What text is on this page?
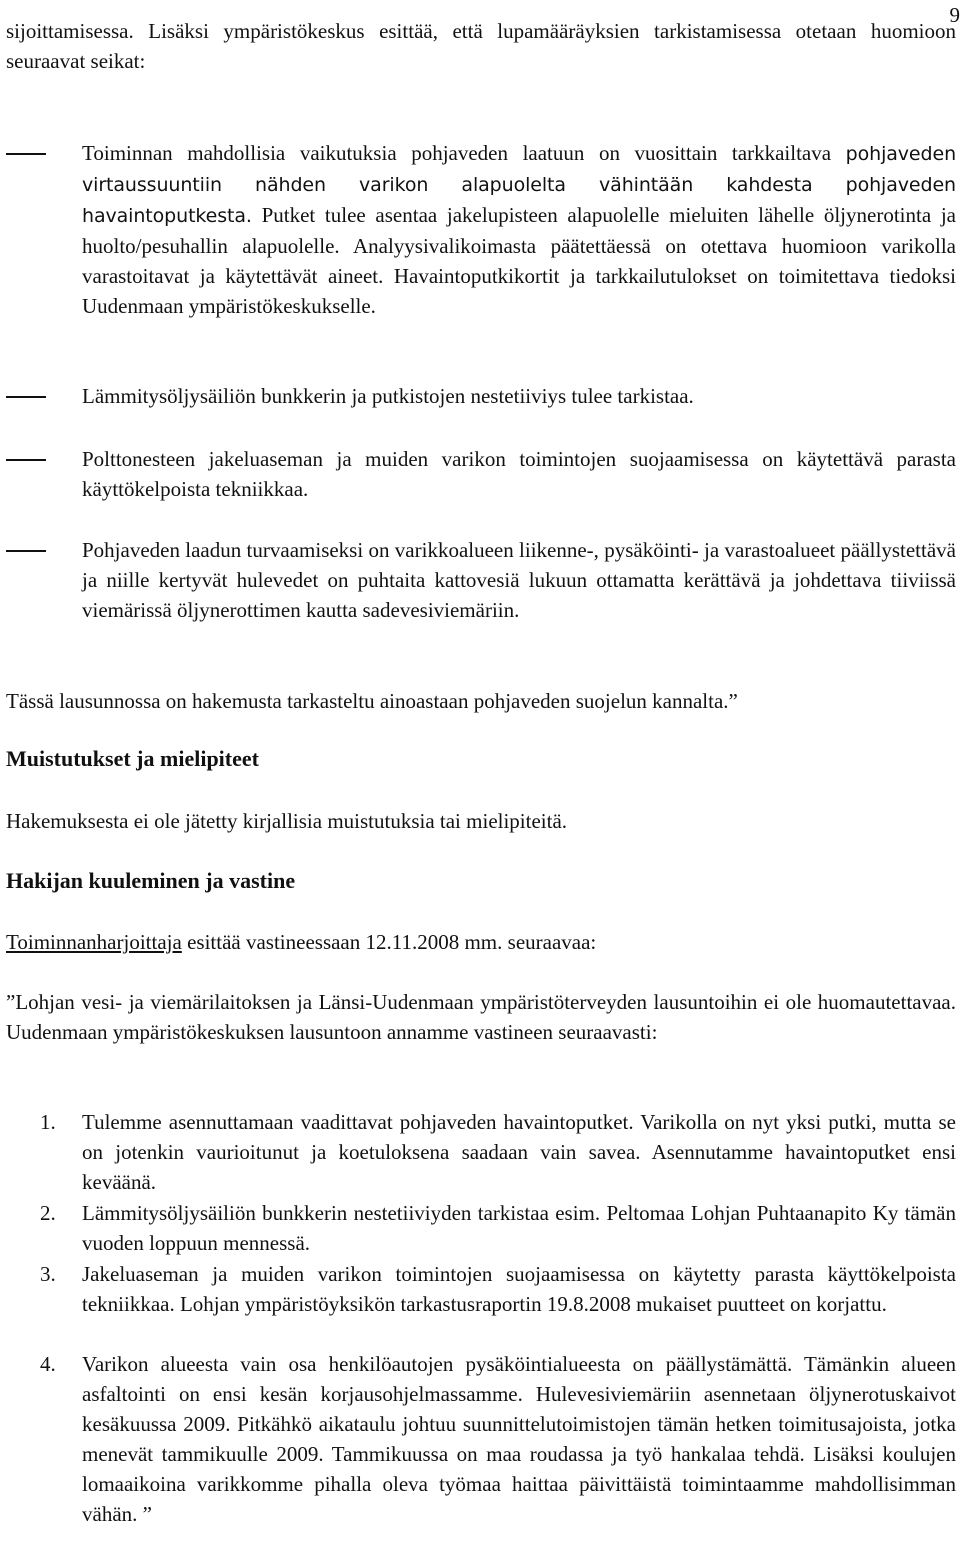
9

sijoittamisessa. Lisäksi ympäristökeskus esittää, että lupamääräyksien tarkistamisessa otetaan huomioon seuraavat seikat:

Toiminnan mahdollisia vaikutuksia pohjaveden laatuun on vuosittain tarkkailtava pohjaveden virtaussuuntiin nähden varikon alapuolelta vähintään kahdesta pohjaveden havaintoputkesta. Putket tulee asentaa jakelupisteen alapuolelle mieluiten lähelle öljynerotinta ja huolto/pesuhallin alapuolelle. Analyysivalikoimasta päätettäessä on otettava huomioon varikolla varastoitavat ja käytettävät aineet. Havaintoputkikortit ja tarkkailutulokset on toimitettava tiedoksi Uudenmaan ympäristökeskukselle.
Lämmitysöljysäiliön bunkkerin ja putkistojen nestetiiviys tulee tarkistaa.
Polttonesteen jakeluaseman ja muiden varikon toimintojen suojaamisessa on käytettävä parasta käyttökelpoista tekniikkaa.
Pohjaveden laadun turvaamiseksi on varikkoalueen liikenne-, pysäköinti- ja varastoalueet päällystettävä ja niille kertyvät hulevedet on puhtaita kattovesiä lukuun ottamatta kerättävä ja johdettava tiiviissä viemärissä öljynerottimen kautta sadevesiviemäriin.

Tässä lausunnossa on hakemusta tarkasteltu ainoastaan pohjaveden suojelun kannalta.”

Muistutukset ja mielipiteet

Hakemuksesta ei ole jätetty kirjallisia muistutuksia tai mielipiteitä.

Hakijan kuuleminen ja vastine

Toiminnanharjoittaja esittää vastineessaan 12.11.2008 mm. seuraavaa:

”Lohjan vesi- ja viemärilaitoksen ja Länsi-Uudenmaan ympäristöterveyden lausuntoihin ei ole huomautettavaa. Uudenmaan ympäristökeskuksen lausuntoon annamme vastineen seuraavasti:

1. Tulemme asennuttamaan vaadittavat pohjaveden havaintoputket. Varikolla on nyt yksi putki, mutta se on jotenkin vaurioitunut ja koetuloksena saadaan vain savea. Asennutamme havaintoputket ensi keväänä.
2. Lämmitysöljysäiliön bunkkerin nestetiiviyden tarkistaa esim. Peltomaa Lohjan Puhtaanapito Ky tämän vuoden loppuun mennessä.
3. Jakeluaseman ja muiden varikon toimintojen suojaamisessa on käytetty parasta käyttökelpoista tekniikkaa. Lohjan ympäristöyksikön tarkastusraportin 19.8.2008 mukaiset puutteet on korjattu.
4. Varikon alueesta vain osa henkilöautojen pysäköintialueesta on päällystämättä. Tämänkin alueen asfaltointi on ensi kesän korjausohjelmassamme. Hulevesiviemäriin asennetaan öljynerotuskaivot kesäkuussa 2009. Pitkähkö aikataulu johtuu suunnittelutoimistojen tämän hetken toimitusajoista, jotka menevät tammikuulle 2009. Tammikuussa on maa roudassa ja työ hankalaa tehdä. Lisäksi koulujen lomaaikoina varikkomme pihalla oleva työmaa haittaa päivittäistä toimintaamme mahdollisimman vähän. ”
